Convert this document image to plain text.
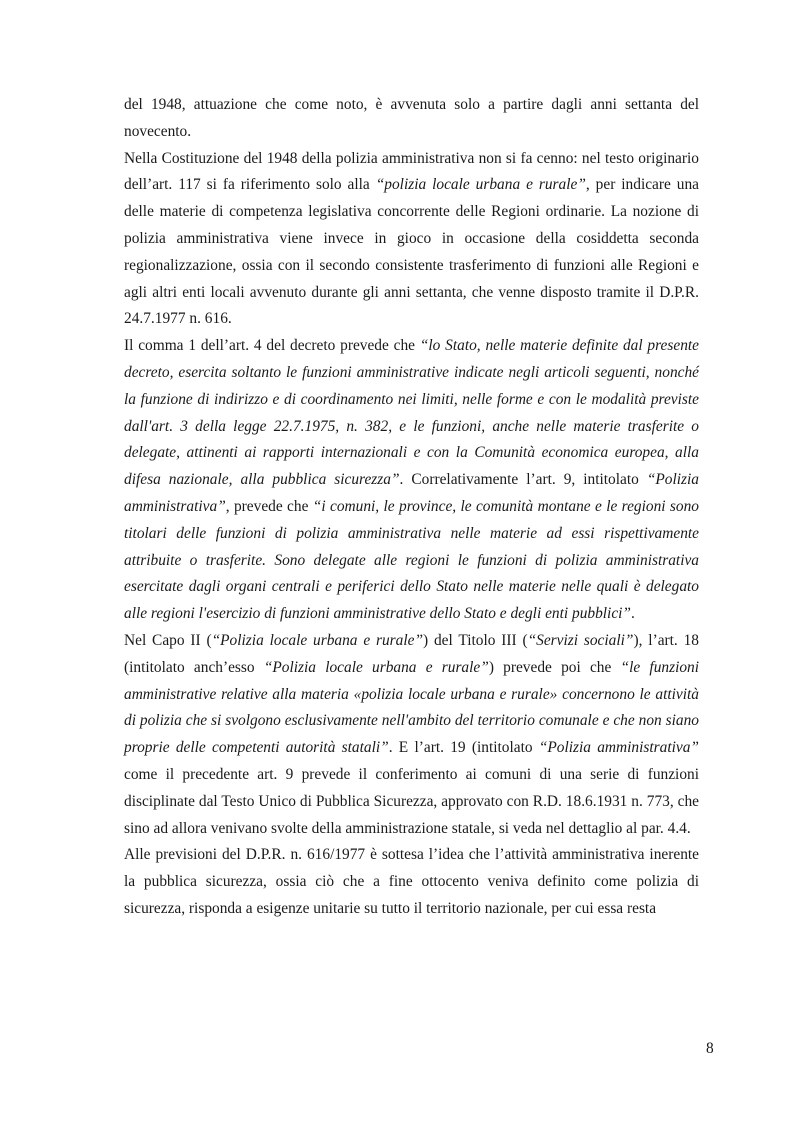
del 1948, attuazione che come noto, è avvenuta solo a partire dagli anni settanta del novecento.

Nella Costituzione del 1948 della polizia amministrativa non si fa cenno: nel testo originario dell’art. 117 si fa riferimento solo alla “polizia locale urbana e rurale”, per indicare una delle materie di competenza legislativa concorrente delle Regioni ordinarie. La nozione di polizia amministrativa viene invece in gioco in occasione della cosiddetta seconda regionalizzazione, ossia con il secondo consistente trasferimento di funzioni alle Regioni e agli altri enti locali avvenuto durante gli anni settanta, che venne disposto tramite il D.P.R. 24.7.1977 n. 616.

Il comma 1 dell’art. 4 del decreto prevede che “lo Stato, nelle materie definite dal presente decreto, esercita soltanto le funzioni amministrative indicate negli articoli seguenti, nonché la funzione di indirizzo e di coordinamento nei limiti, nelle forme e con le modalità previste dall'art. 3 della legge 22.7.1975, n. 382, e le funzioni, anche nelle materie trasferite o delegate, attinenti ai rapporti internazionali e con la Comunità economica europea, alla difesa nazionale, alla pubblica sicurezza”. Correlativamente l’art. 9, intitolato “Polizia amministrativa”, prevede che “i comuni, le province, le comunità montane e le regioni sono titolari delle funzioni di polizia amministrativa nelle materie ad essi rispettivamente attribuite o trasferite. Sono delegate alle regioni le funzioni di polizia amministrativa esercitate dagli organi centrali e periferici dello Stato nelle materie nelle quali è delegato alle regioni l'esercizio di funzioni amministrative dello Stato e degli enti pubblici”.

Nel Capo II (“Polizia locale urbana e rurale”) del Titolo III (“Servizi sociali”), l’art. 18 (intitolato anch’esso “Polizia locale urbana e rurale”) prevede poi che “le funzioni amministrative relative alla materia «polizia locale urbana e rurale» concernono le attività di polizia che si svolgono esclusivamente nell'ambito del territorio comunale e che non siano proprie delle competenti autorità statali”. E l’art. 19 (intitolato “Polizia amministrativa” come il precedente art. 9 prevede il conferimento ai comuni di una serie di funzioni disciplinate dal Testo Unico di Pubblica Sicurezza, approvato con R.D. 18.6.1931 n. 773, che sino ad allora venivano svolte della amministrazione statale, si veda nel dettaglio al par. 4.4.

Alle previsioni del D.P.R. n. 616/1977 è sottesa l’idea che l’attività amministrativa inerente la pubblica sicurezza, ossia ciò che a fine ottocento veniva definito come polizia di sicurezza, risponda a esigenze unitarie su tutto il territorio nazionale, per cui essa resta

8
